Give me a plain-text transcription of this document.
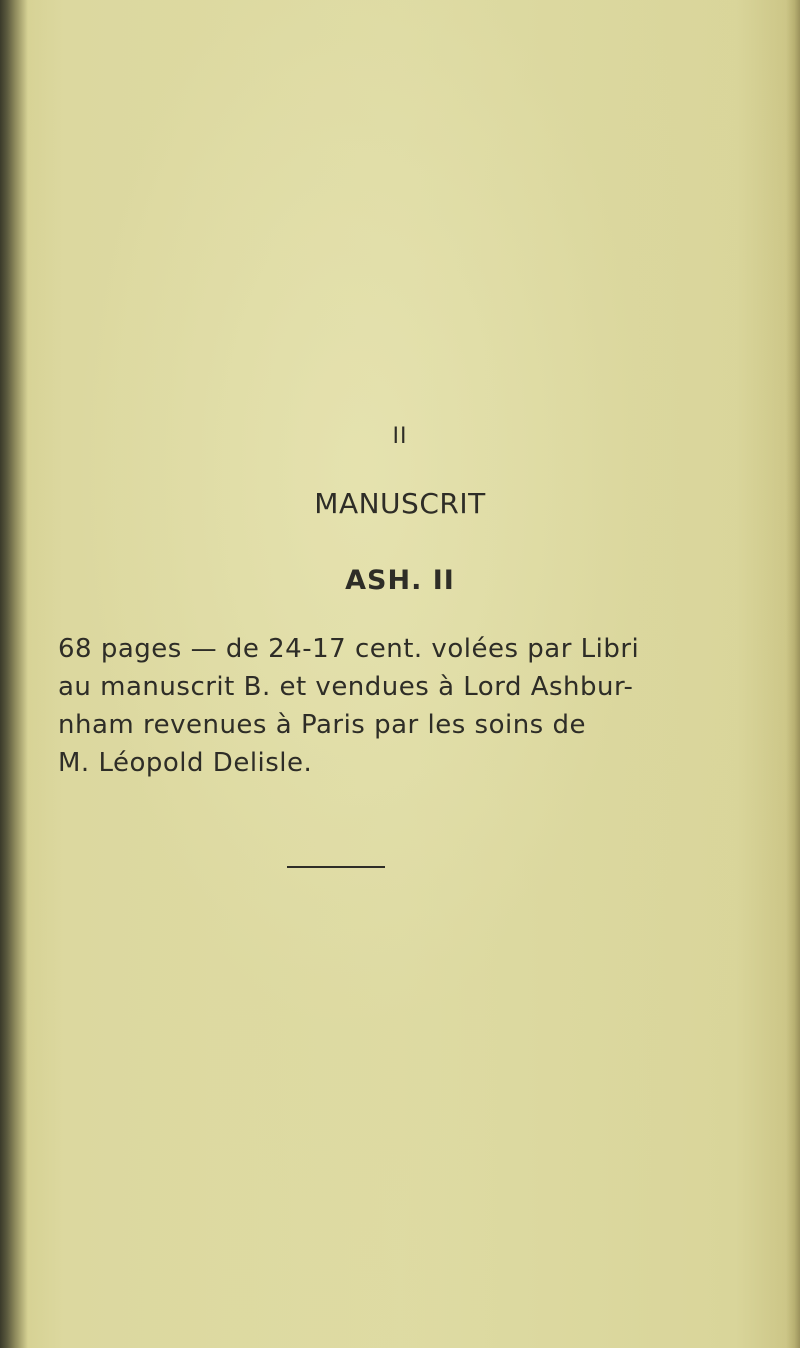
II
MANUSCRIT
ASH. II
68 pages — de 24-17 cent. volées par Libri
au manuscrit B. et vendues à Lord Ashbur-
nham revenues à Paris par les soins de
M. Léopold Delisle.
